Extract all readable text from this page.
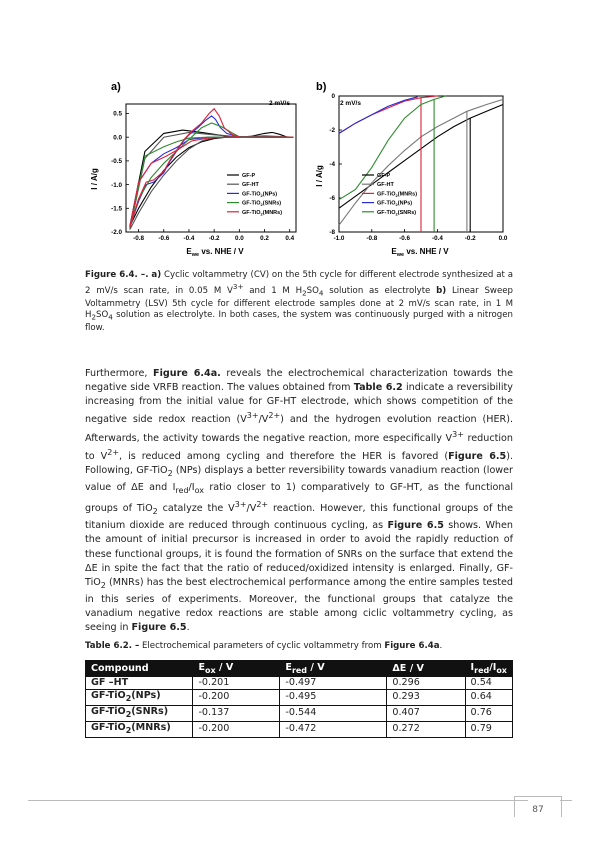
a)
-0.8 -0.6 -0.4 -0.2 0.0	0.2	0.4
-2.0
-1.5
-1.0
-0.5
0.0
0.5
2 mV/s
I / A/g
$E_{we}$ vs. NHE / V
GF-P
GF-HT
GF-TiO$_2$(NPs)
GF-TiO$_2$(SNRs)
GF-TiO$_2$(MNRs)
b)
-1.0	-0.8	-0.6	-0.4	-0.2	0.0
-8
-6
-4
-2
0
2 mV/s
I / A/g
$E_{we}$ vs. NHE / V
GF-P
GF-HT
GF-TiO$_2$(MNRs)
GF-TiO$_2$(NPs)
GF-TiO$_2$(SNRs)
Figure 6.4. –. a) Cyclic voltammetry (CV) on the 5th cycle for different electrode synthesized at a 2 mV/s scan rate, in 0.05 M $V^{3+}$ and 1 M $H_2SO_4$ solution as electrolyte b) Linear Sweep Voltammetry (LSV) 5th cycle for different electrode samples done at 2 mV/s scan rate, in 1 M $H_2SO_4$ solution as electrolyte. In both cases, the system was continuously purged with a nitrogen flow.

Furthermore, Figure 6.4a. reveals the electrochemical characterization towards the negative side VRFB reaction. The values obtained from Table 6.2 indicate a reversibility increasing from the initial value for GF-HT electrode, which shows competition of the negative side redox reaction $(V^{3+}/V^{2+})$ and the hydrogen evolution reaction (HER). Afterwards, the activity towards the negative reaction, more especifically $V^{3+}$ reduction to $V^{2+}$, is reduced among cycling and therefore the HER is favored (Figure 6.5). Following, GF-TiO$_2$ (NPs) displays a better reversibility towards vanadium reaction (lower value of ΔE and $I_{red}/I_{ox}$ ratio closer to 1) comparatively to GF-HT, as the functional groups of TiO$_2$ catalyze the $V^{3+}/V^{2+}$ reaction. However, this functional groups of the titanium dioxide are reduced through continuous cycling, as Figure 6.5 shows. When the amount of initial precursor is increased in order to avoid the rapidly reduction of these functional groups, it is found the formation of SNRs on the surface that extend the ΔE in spite the fact that the ratio of reduced/oxidized intensity is enlarged. Finally, GF-TiO$_2$ (MNRs) has the best electrochemical performance among the entire samples tested in this series of experiments. Moreover, the functional groups that catalyze the vanadium negative redox reactions are stable among ciclic voltammetry cycling, as seeing in Figure 6.5.

Table 6.2. – Electrochemical parameters of cyclic voltammetry from Figure 6.4a.
Compound	$E_{ox}$ / V	$E_{red}$ / V	ΔE / V	$I_{red}/I_{ox}$
GF –HT	-0.201	-0.497	0.296	0.54
GF-TiO$_2$(NPs)	-0.200	-0.495	0.293	0.64
GF-TiO$_2$(SNRs)	-0.137	-0.544	0.407	0.76
GF-TiO$_2$(MNRs)	-0.200	-0.472	0.272	0.79
87
